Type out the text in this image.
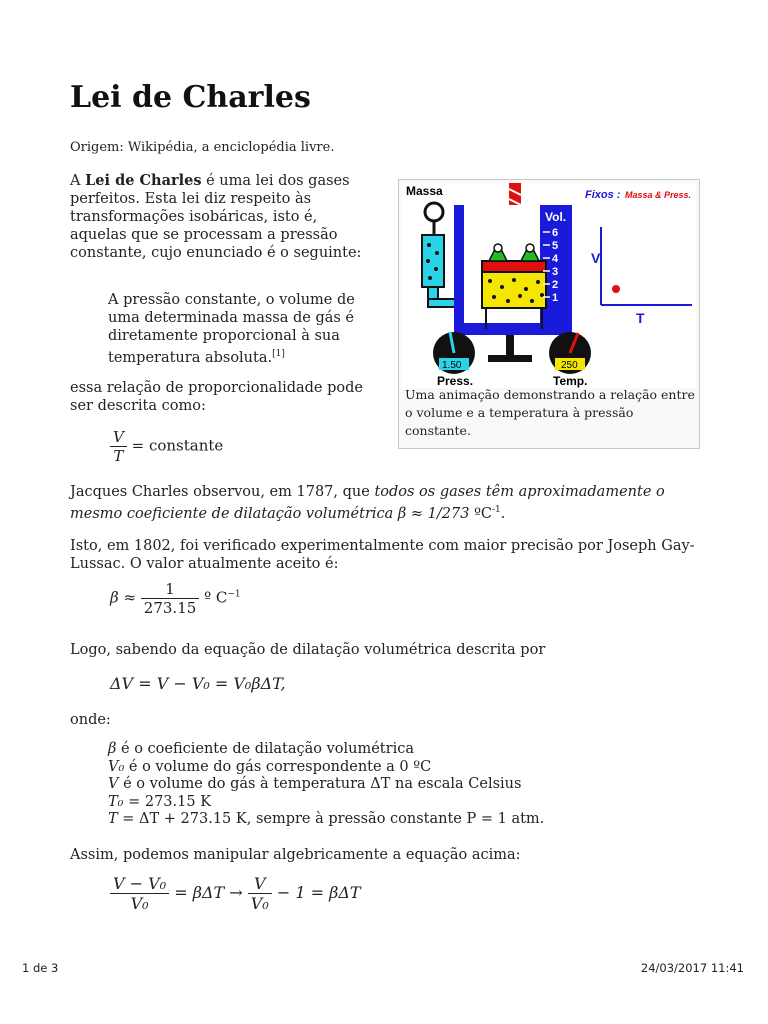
Lei de Charles
Origem: Wikipédia, a enciclopédia livre.

A Lei de Charles é uma lei dos gases perfeitos. Esta lei diz respeito às transformações isobáricas, isto é, aquelas que se processam a pressão constante, cujo enunciado é o seguinte:

A pressão constante, o volume de uma determinada massa de gás é diretamente proporcional à sua temperatura absoluta.[1]

essa relação de proporcionalidade pode ser descrita como:

Massa
Vol.
6
5
4
3
2
1
1.50
Press.
250
Temp.
Fixos : Massa & Press.
V
T
Uma animação demonstrando a relação entre o volume e a temperatura à pressão constante.
$\frac{V}{T}$ = constante

Jacques Charles observou, em 1787, que todos os gases têm aproximadamente o mesmo coeficiente de dilatação volumétrica β ≈ 1/273 ºC$^{-1}$.

Isto, em 1802, foi verificado experimentalmente com maior precisão por Joseph Gay-Lussac. O valor atualmente aceito é:

$\beta \approx \frac{1}{273.15}$ º $C^{-1}$

Logo, sabendo da equação de dilatação volumétrica descrita por

ΔV = V − V₀ = V₀βΔT,

onde:

β é o coeficiente de dilatação volumétrica

V₀ é o volume do gás correspondente a 0 ºC

V é o volume do gás à temperatura ΔT na escala Celsius

T₀ = 273.15 K

T = ΔT + 273.15 K, sempre à pressão constante P = 1 atm.

Assim, podemos manipular algebricamente a equação acima:

$\frac{\text{V − V₀}}{\text{V₀}} = \beta\Delta T \to \frac{V}{\text{V₀}} - 1 = \beta\Delta T$
1 de 3	24/03/2017 11:41
